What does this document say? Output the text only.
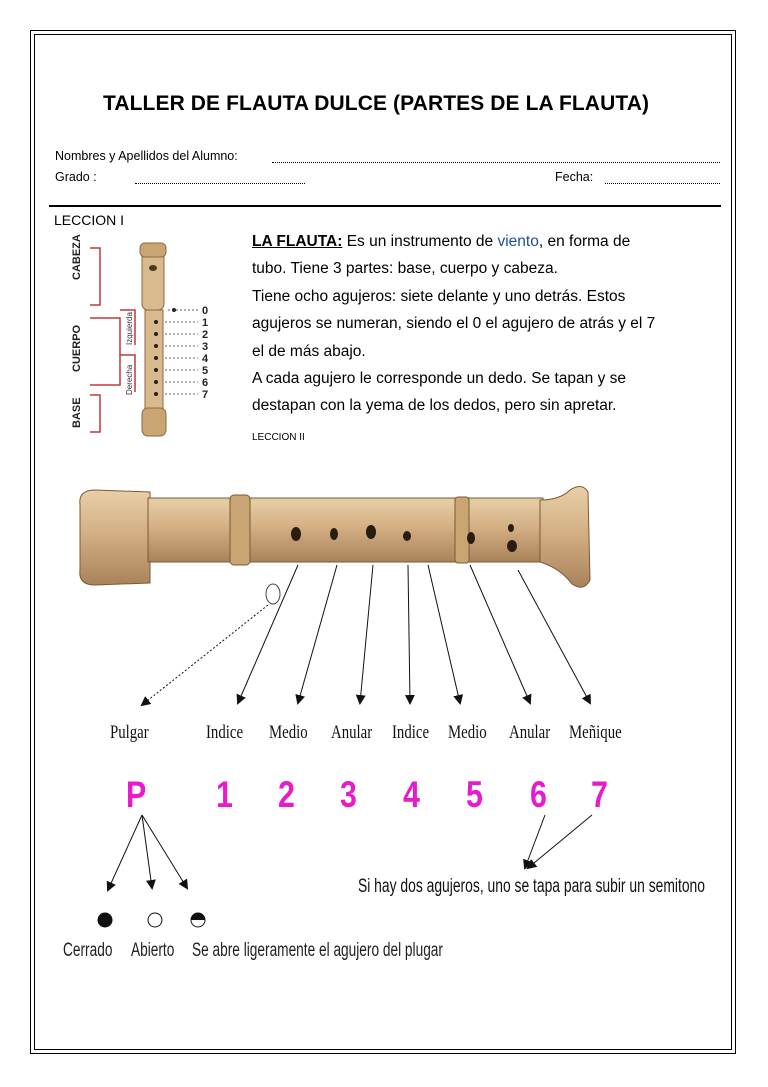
TALLER DE FLAUTA DULCE (PARTES DE LA FLAUTA)
Nombres y Apellidos del Alumno:
Grado :	Fecha:
LECCION I
CABEZA
CUERPO
BASE
Izquierda
Derecha
0
1
2
3
4
5
6
7
LA FLAUTA: Es un instrumento de viento, en forma de
tubo. Tiene 3 partes: base, cuerpo y cabeza.
Tiene ocho agujeros: siete delante y uno detrás. Estos
agujeros se numeran, siendo el 0 el agujero de atrás y el 7
el de más abajo.
A cada agujero le corresponde un dedo. Se tapan y se
destapan con la yema de los dedos, pero sin apretar.
LECCION II
Pulgar	Indice Medio Anular Indice Medio Anular Meñique
P 1 2 3 4 5 6 7
Si hay dos agujeros, uno se tapa para subir un semitono
Cerrado Abierto Se abre ligeramente el agujero del plugar
